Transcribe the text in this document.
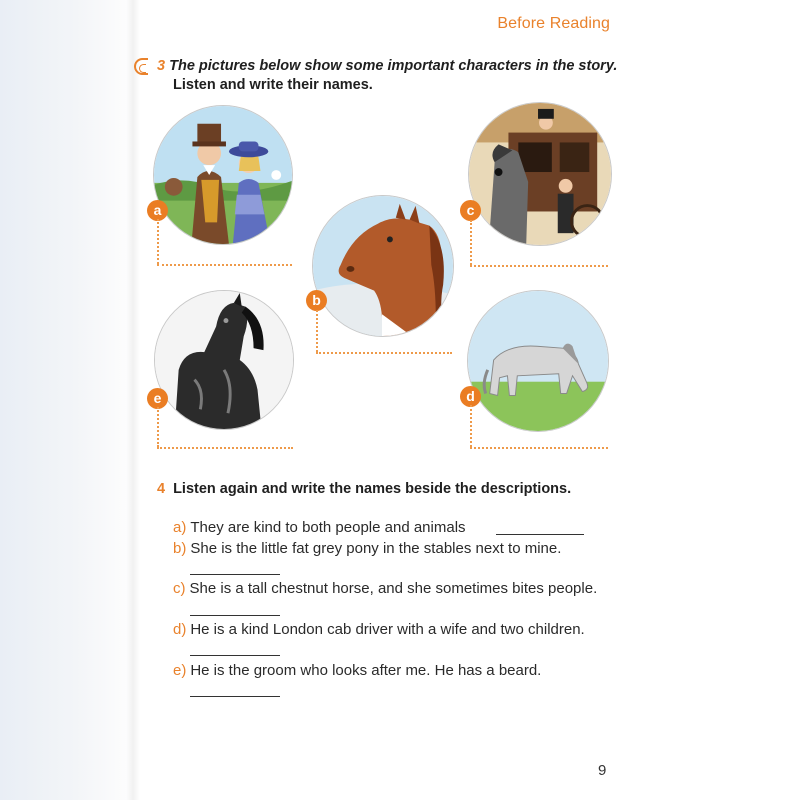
Before Reading
3 The pictures below show some important characters in the story.
Listen and write their names.
a
b
c
e	d
4 Listen again and write the names beside the descriptions.
a) They are kind to both people and animals
b) She is the little fat grey pony in the stables next to mine.
c) She is a tall chestnut horse, and she sometimes bites people.
d) He is a kind London cab driver with a wife and two children.
e) He is the groom who looks after me. He has a beard.
9
